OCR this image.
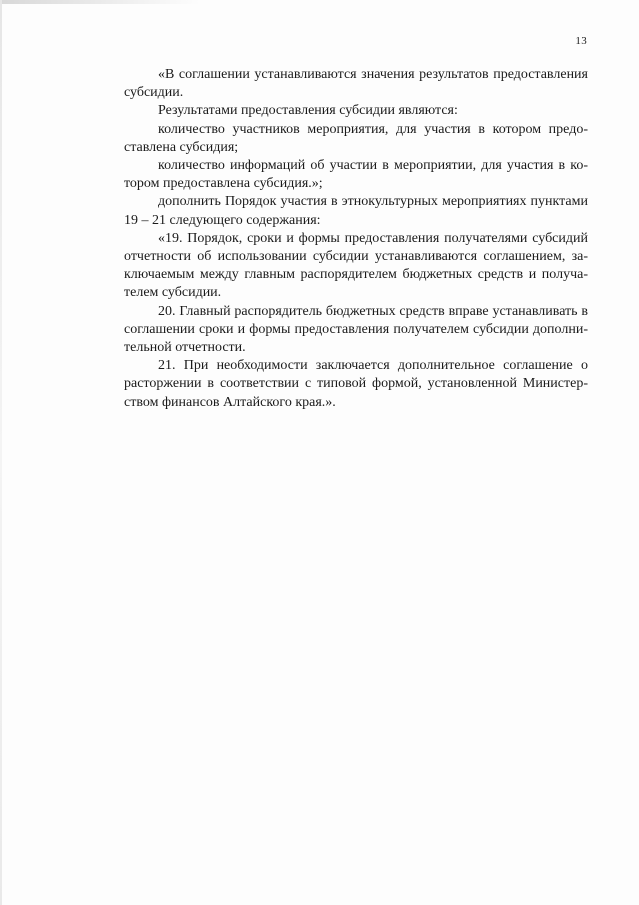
13

«В соглашении устанавливаются значения результатов предоставления
субсидии.

Результатами предоставления субсидии являются:

количество участников мероприятия, для участия в котором предо-
ставлена субсидия;

количество информаций об участии в мероприятии, для участия в ко-
тором предоставлена субсидия.»;

дополнить Порядок участия в этнокультурных мероприятиях пунктами
19 – 21 следующего содержания:

«19. Порядок, сроки и формы предоставления получателями субсидий
отчетности об использовании субсидии устанавливаются соглашением, за-
ключаемым между главным распорядителем бюджетных средств и получа-
телем субсидии.

20. Главный распорядитель бюджетных средств вправе устанавливать в
соглашении сроки и формы предоставления получателем субсидии дополни-
тельной отчетности.

21. При необходимости заключается дополнительное соглашение о
расторжении в соответствии с типовой формой, установленной Министер-
ством финансов Алтайского края.».
